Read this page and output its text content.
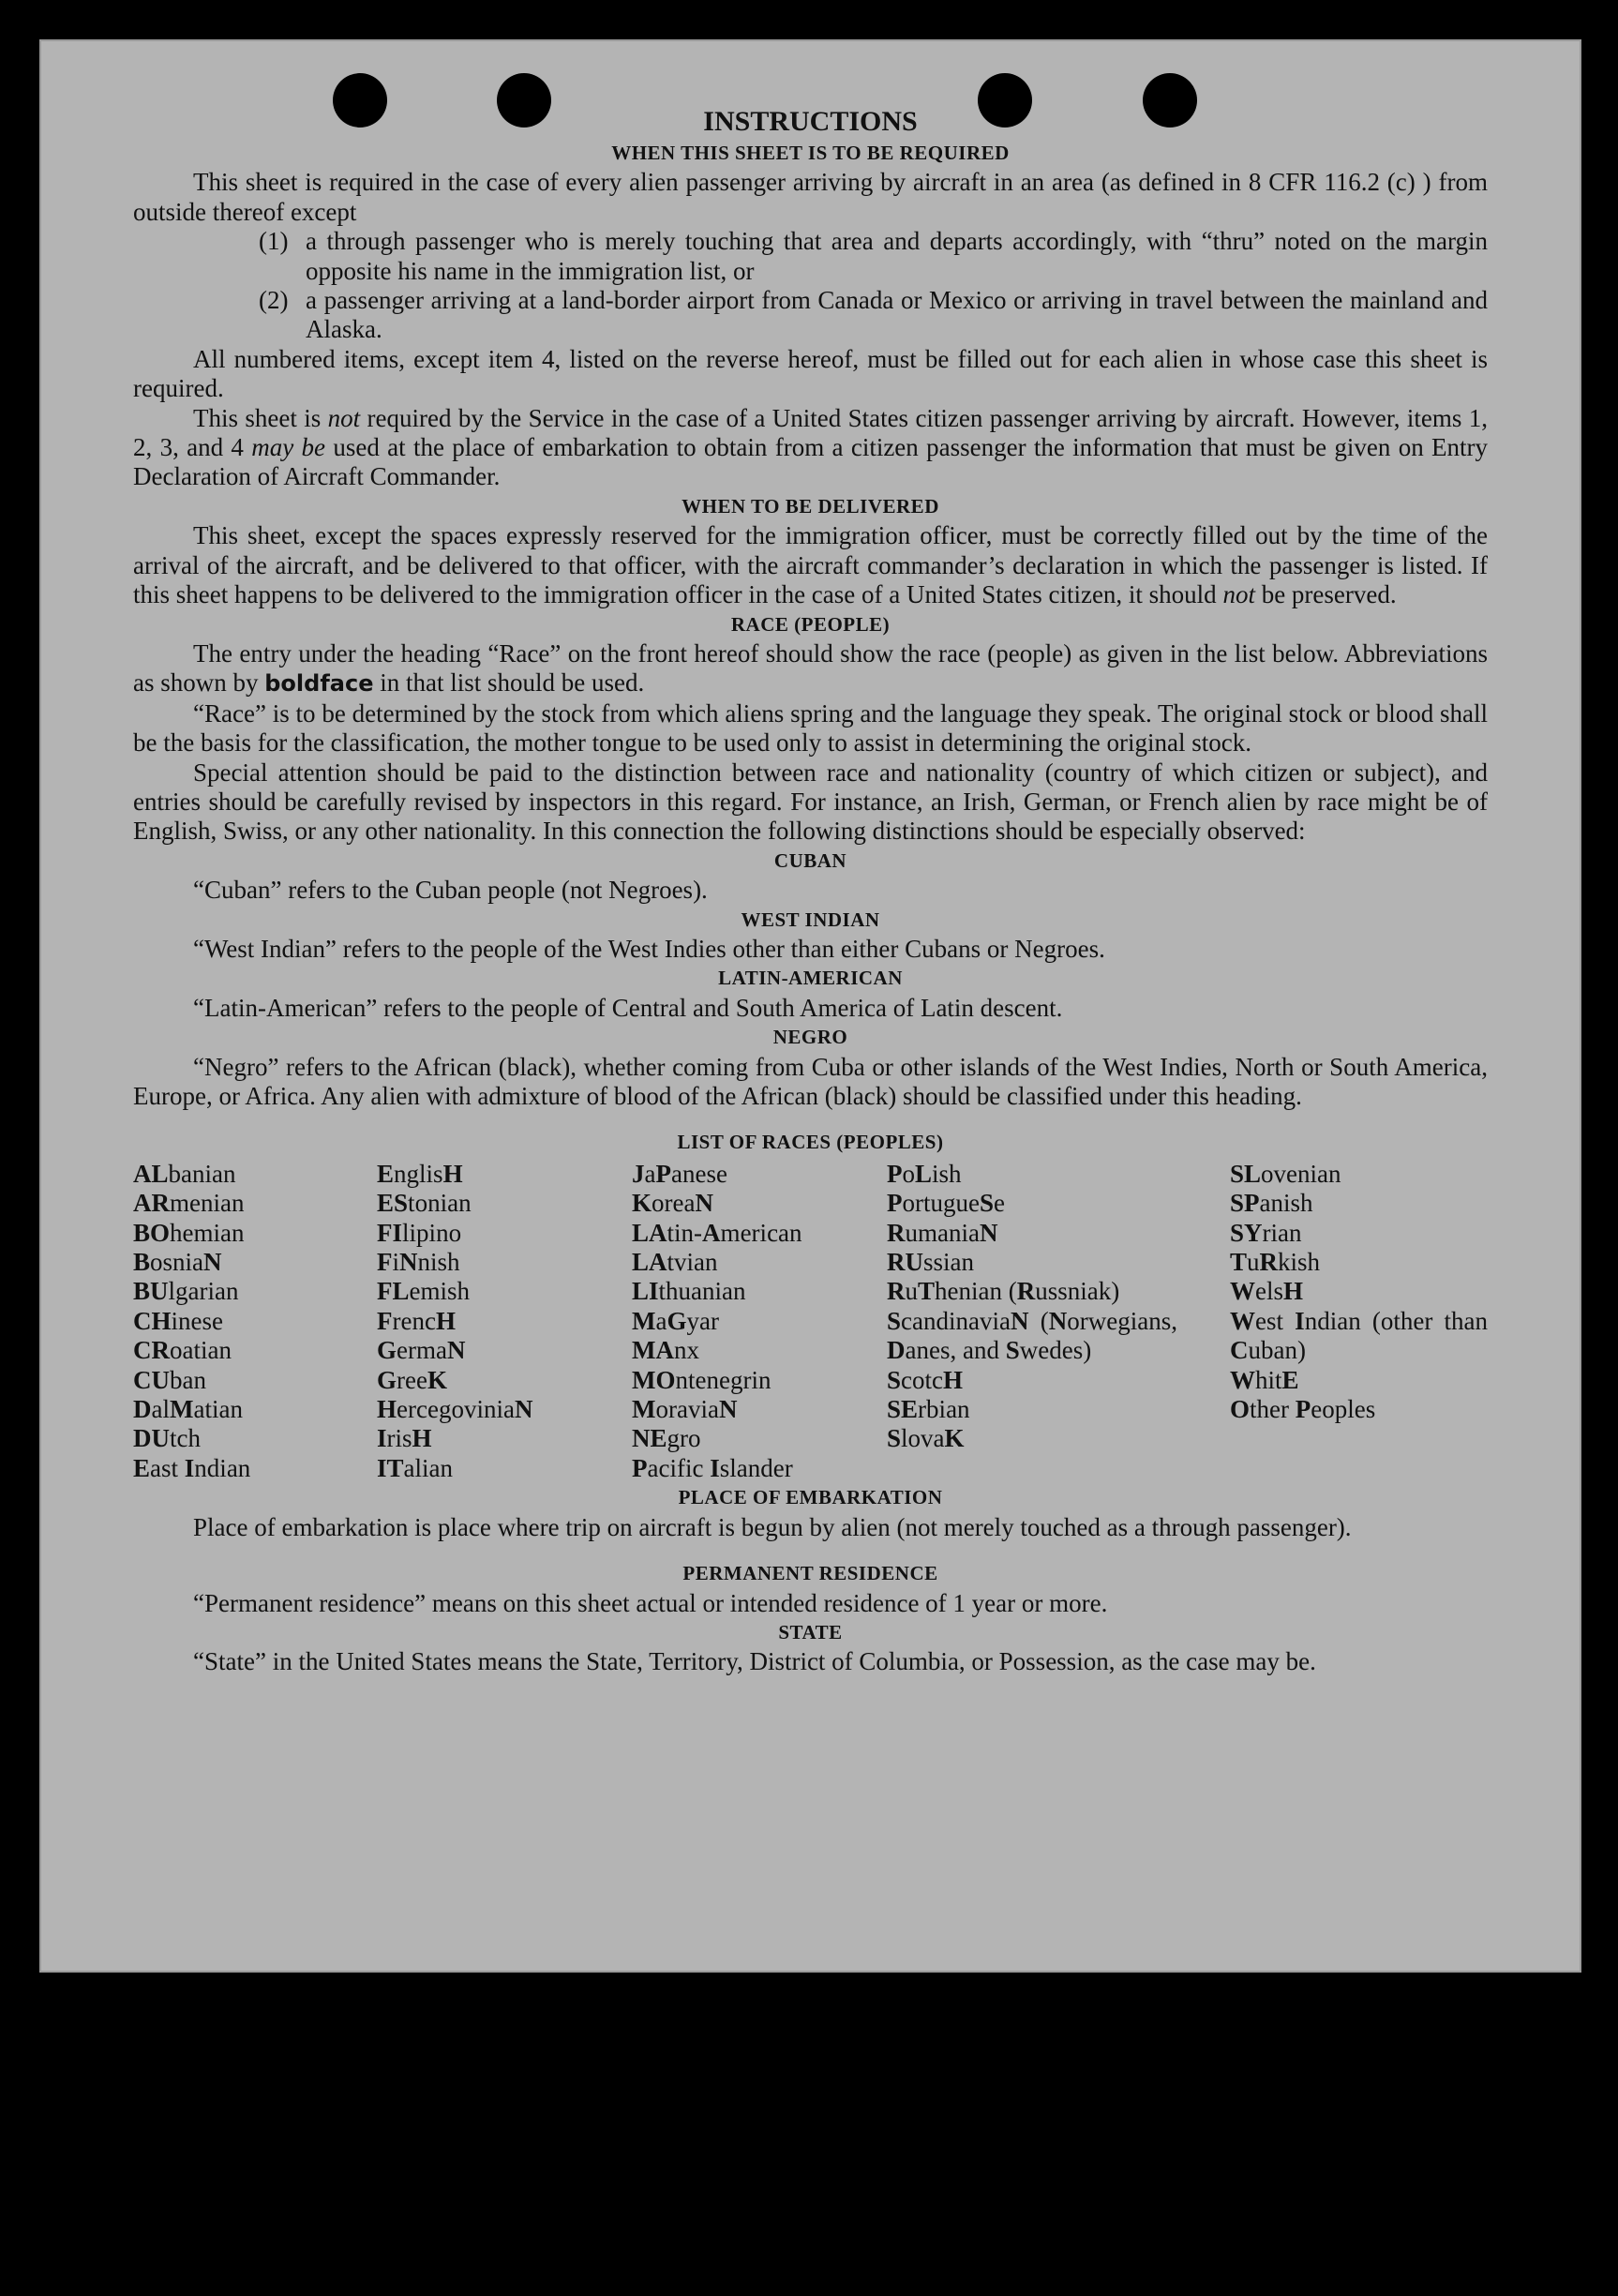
INSTRUCTIONS
WHEN THIS SHEET IS TO BE REQUIRED

This sheet is required in the case of every alien passenger arriving by aircraft in an area (as defined in 8 CFR 116.2 (c) ) from outside thereof except

(1) a through passenger who is merely touching that area and departs accordingly, with “thru” noted on the margin opposite his name in the immigration list, or
(2) a passenger arriving at a land-border airport from Canada or Mexico or arriving in travel between the mainland and Alaska.

All numbered items, except item 4, listed on the reverse hereof, must be filled out for each alien in whose case this sheet is required.

This sheet is not required by the Service in the case of a United States citizen passenger arriving by aircraft. However, items 1, 2, 3, and 4 may be used at the place of embarkation to obtain from a citizen passenger the information that must be given on Entry Declaration of Aircraft Commander.

WHEN TO BE DELIVERED

This sheet, except the spaces expressly reserved for the immigration officer, must be correctly filled out by the time of the arrival of the aircraft, and be delivered to that officer, with the aircraft commander’s declaration in which the passenger is listed. If this sheet happens to be delivered to the immigration officer in the case of a United States citizen, it should not be preserved.

RACE (PEOPLE)

The entry under the heading “Race” on the front hereof should show the race (people) as given in the list below. Abbreviations as shown by boldface in that list should be used.

“Race” is to be determined by the stock from which aliens spring and the language they speak. The original stock or blood shall be the basis for the classification, the mother tongue to be used only to assist in determining the original stock.

Special attention should be paid to the distinction between race and nationality (country of which citizen or subject), and entries should be carefully revised by inspectors in this regard. For instance, an Irish, German, or French alien by race might be of English, Swiss, or any other nationality. In this connection the following distinctions should be especially observed:

CUBAN

“Cuban” refers to the Cuban people (not Negroes).

WEST INDIAN

“West Indian” refers to the people of the West Indies other than either Cubans or Negroes.

LATIN-AMERICAN

“Latin-American” refers to the people of Central and South America of Latin descent.

NEGRO

“Negro” refers to the African (black), whether coming from Cuba or other islands of the West Indies, North or South America, Europe, or Africa. Any alien with admixture of blood of the African (black) should be classified under this heading.

LIST OF RACES (PEOPLES)
ALbanian
ARmenian
BOhemian
BosniaN
BUlgarian
CHinese
CRoatian
CUban
DalMatian
DUtch
East Indian
EnglisH
EStonian
FIlipino
FiNnish
FLemish
FrencH
GermaN
GreeK
HercegovinіaN
IrisH
ITalian
JaPanese
KoreaN
LAtin-American
LAtvian
LIthuanian
MaGyar
MAnx
MOntenegrin
MoraviaN
NEgro
Pacific Islander
PoLish
PortugueSe
RumaniaN
RUssian
RuThenian (Russniak)
ScandinaviaN (Norwegians, Danes, and Swedes)
ScotcH
SErbian
SlovaK
SLovenian
SPanish
SYrian
TuRkish
WelsH
West Indian (other than Cuban)
WhitE
Other Peoples
PLACE OF EMBARKATION

Place of embarkation is place where trip on aircraft is begun by alien (not merely touched as a through passenger).

PERMANENT RESIDENCE

“Permanent residence” means on this sheet actual or intended residence of 1 year or more.

STATE

“State” in the United States means the State, Territory, District of Columbia, or Possession, as the case may be.
